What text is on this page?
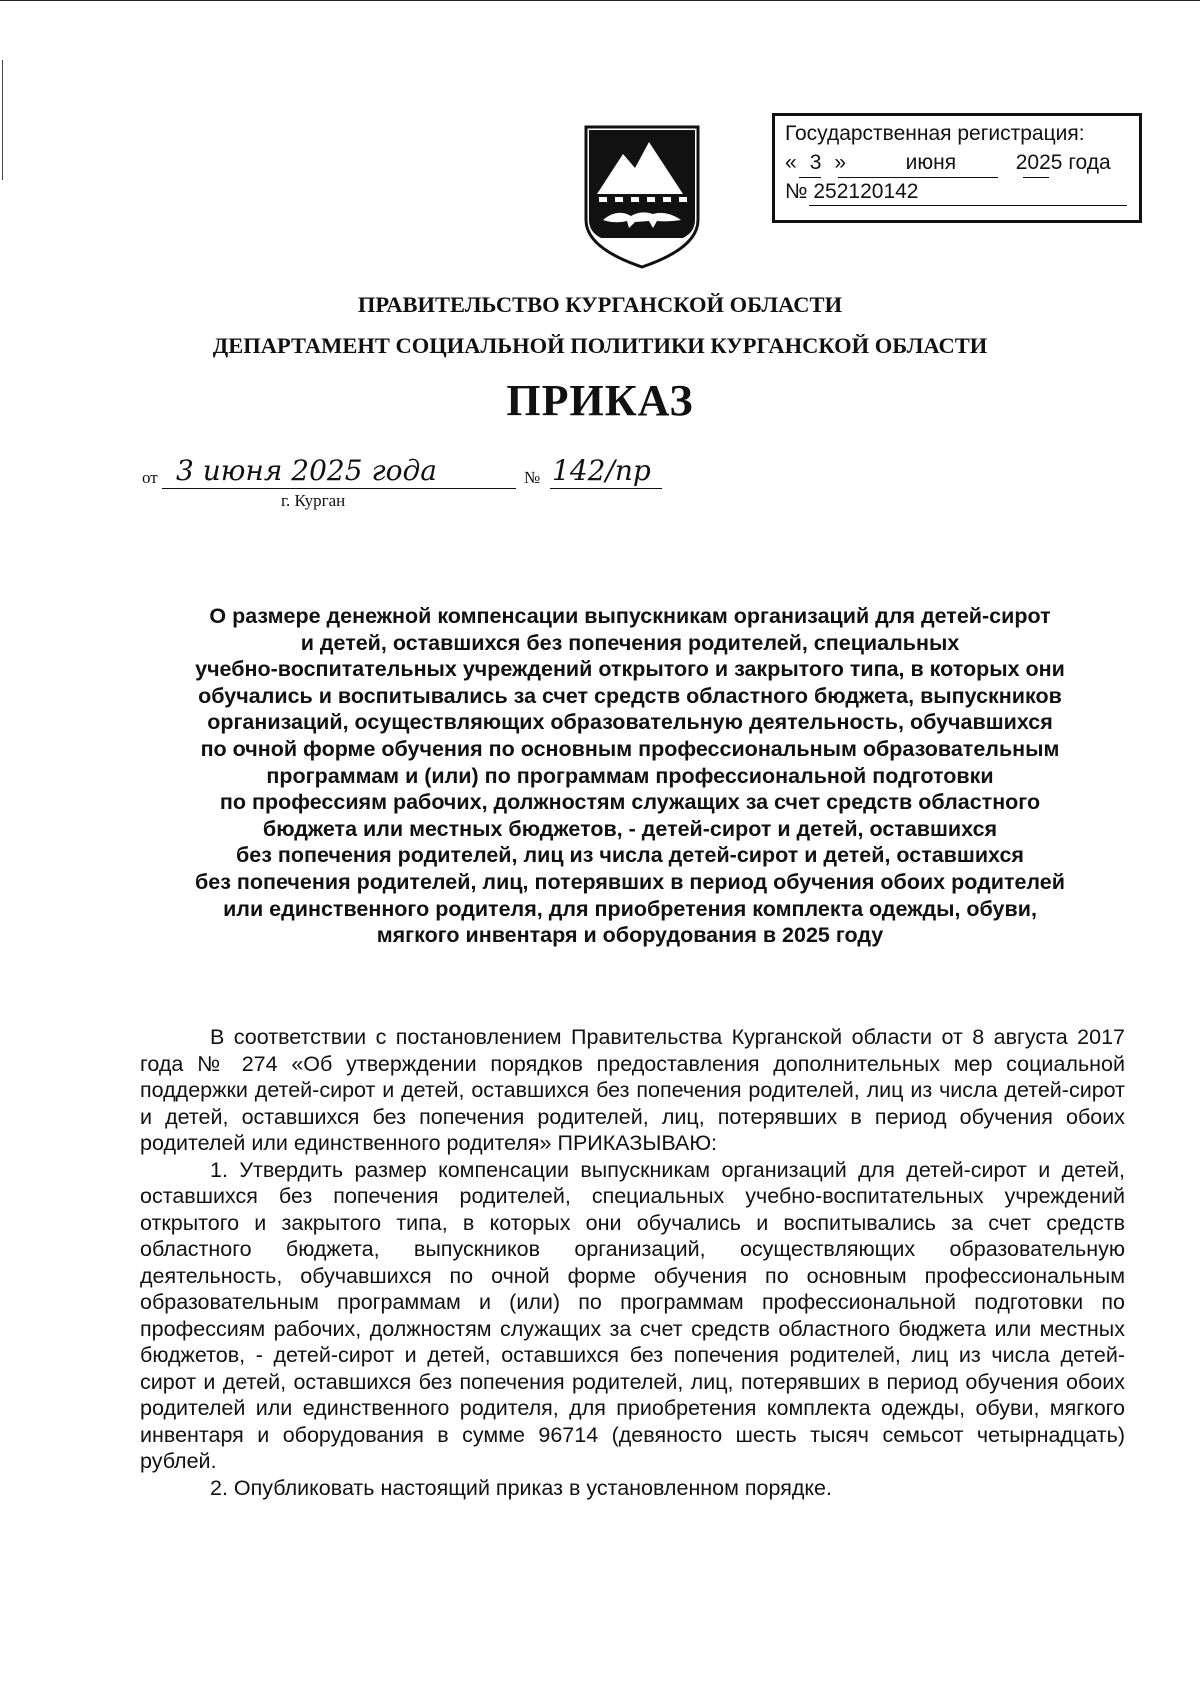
Государственная регистрация:
« 3 »	июня	2025 года
№ 252120142
ПРАВИТЕЛЬСТВО КУРГАНСКОЙ ОБЛАСТИ
ДЕПАРТАМЕНТ СОЦИАЛЬНОЙ ПОЛИТИКИ КУРГАНСКОЙ ОБЛАСТИ
ПРИКАЗ
от 3 июня 2025 года	№ 142/пр
г. Курган
О размере денежной компенсации выпускникам организаций для детей-сирот
и детей, оставшихся без попечения родителей, специальных
учебно-воспитательных учреждений открытого и закрытого типа, в которых они
обучались и воспитывались за счет средств областного бюджета, выпускников
организаций, осуществляющих образовательную деятельность, обучавшихся
по очной форме обучения по основным профессиональным образовательным
программам и (или) по программам профессиональной подготовки
по профессиям рабочих, должностям служащих за счет средств областного
бюджета или местных бюджетов, - детей-сирот и детей, оставшихся
без попечения родителей, лиц из числа детей-сирот и детей, оставшихся
без попечения родителей, лиц, потерявших в период обучения обоих родителей
или единственного родителя, для приобретения комплекта одежды, обуви,
мягкого инвентаря и оборудования в 2025 году

В соответствии с постановлением Правительства Курганской области от 8 августа 2017 года № 274 «Об утверждении порядков предоставления дополнительных мер социальной поддержки детей-сирот и детей, оставшихся без попечения родителей, лиц из числа детей-сирот и детей, оставшихся без попечения родителей, лиц, потерявших в период обучения обоих родителей или единственного родителя» ПРИКАЗЫВАЮ:

1. Утвердить размер компенсации выпускникам организаций для детей-сирот и детей, оставшихся без попечения родителей, специальных учебно-воспитательных учреждений открытого и закрытого типа, в которых они обучались и воспитывались за счет средств областного бюджета, выпускников организаций, осуществляющих образовательную деятельность, обучавшихся по очной форме обучения по основным профессиональным образовательным программам и (или) по программам профессиональной подготовки по профессиям рабочих, должностям служащих за счет средств областного бюджета или местных бюджетов, - детей-сирот и детей, оставшихся без попечения родителей, лиц из числа детей-сирот и детей, оставшихся без попечения родителей, лиц, потерявших в период обучения обоих родителей или единственного родителя, для приобретения комплекта одежды, обуви, мягкого инвентаря и оборудования в сумме 96714 (девяносто шесть тысяч семьсот четырнадцать) рублей.

2. Опубликовать настоящий приказ в установленном порядке.
